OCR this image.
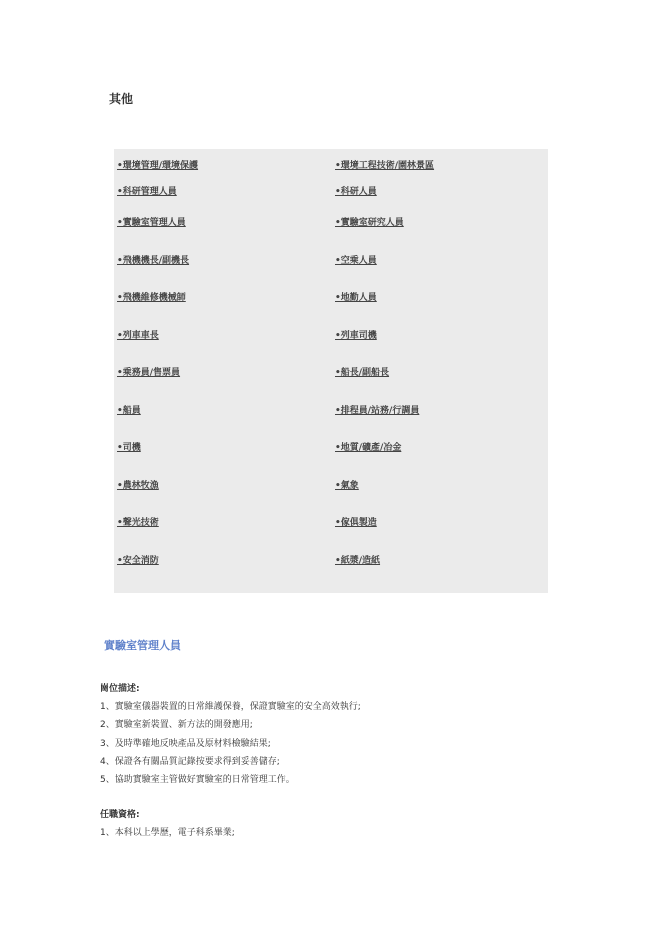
其他
•環境管理/環境保護	•環境工程技術/園林景區
•科研管理人員	•科研人員
•實驗室管理人員	•實驗室研究人員
•飛機機長/副機長	•空乘人員
•飛機維修機械師	•地勤人員
•列車車長	•列車司機
•乘務員/售票員	•船長/副船長
•船員	•排程員/站務/行調員
•司機	•地質/礦產/冶金
•農林牧漁	•氣象
•聲光技術	•傢俱製造
•安全消防	•紙漿/造紙
實驗室管理人員
崗位描述:
1、實驗室儀器裝置的日常維護保養，保證實驗室的安全高效執行;
2、實驗室新裝置、新方法的開發應用;
3、及時準確地反映產品及原材料檢驗結果;
4、保證各有關品質記錄按要求得到妥善儲存;
5、協助實驗室主管做好實驗室的日常管理工作。
任職資格:
1、本科以上學歷，電子科系畢業;
